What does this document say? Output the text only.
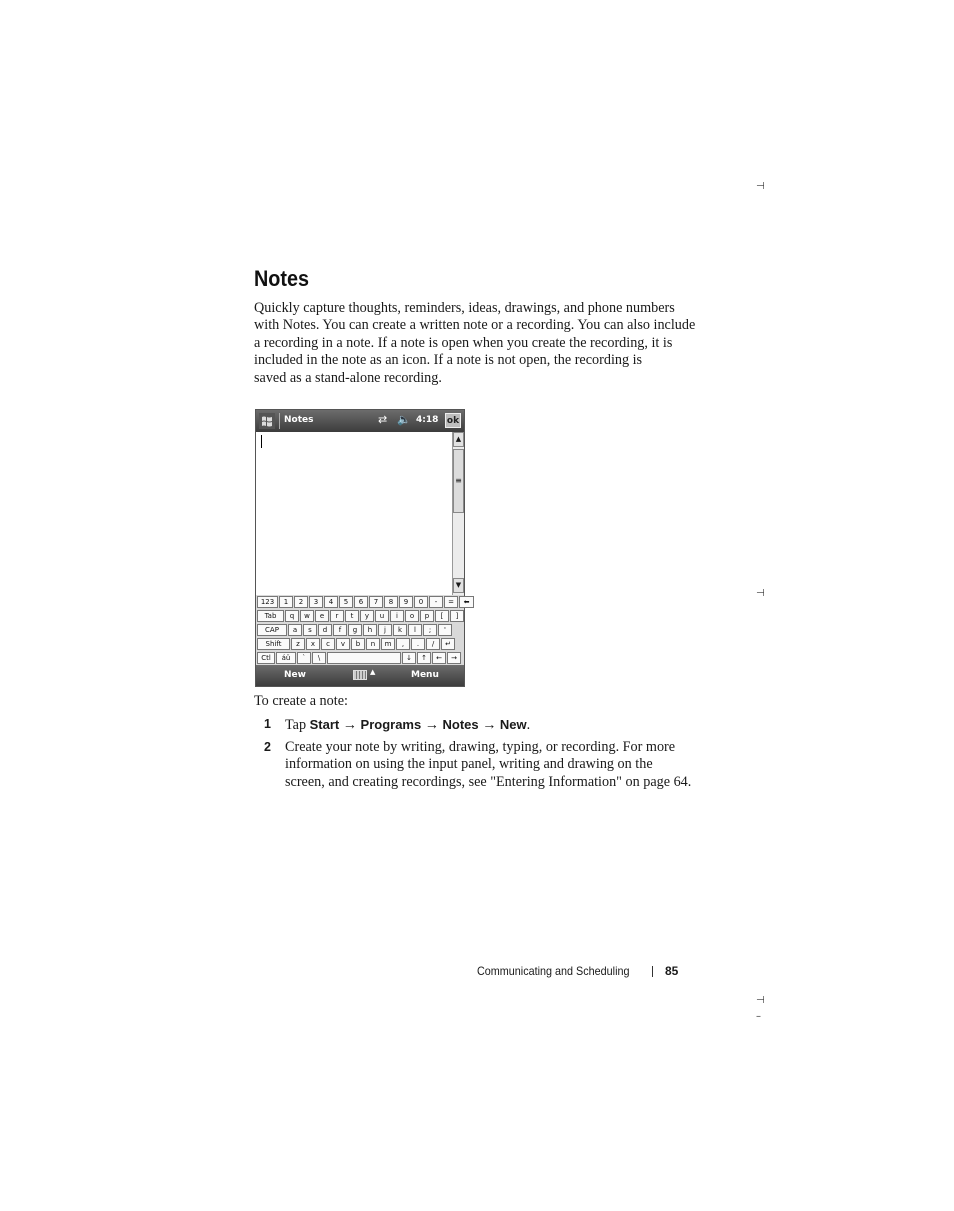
⊣
⊣
⊣
–
Notes

Quickly capture thoughts, reminders, ideas, drawings, and phone numbers
with Notes. You can create a written note or a recording. You can also include
a recording in a note. If a note is open when you create the recording, it is
included in the note as an icon. If a note is not open, the recording is
saved as a stand-alone recording.

Notes	⇄ 🔈 4:18 ok
▲
≡
▼
123	1	2	3	4	5	6	7	8	9	0	-	=	⬅
Tab	q	w	e	r	t	y	u	i	o	p	[	]
CAP	a	s	d	f	g	h	j	k	l	;	'
Shift	z	x	c	v	b	n	m	,	.	/	↵
Ctl	áü	`	\	↓	↑	←	→
New	▲	Menu

To create a note:

1 Tap Start → Programs → Notes → New.
2 Create your note by writing, drawing, typing, or recording. For more
information on using the input panel, writing and drawing on the
screen, and creating recordings, see "Entering Information" on page 64.
Communicating and Scheduling	85
